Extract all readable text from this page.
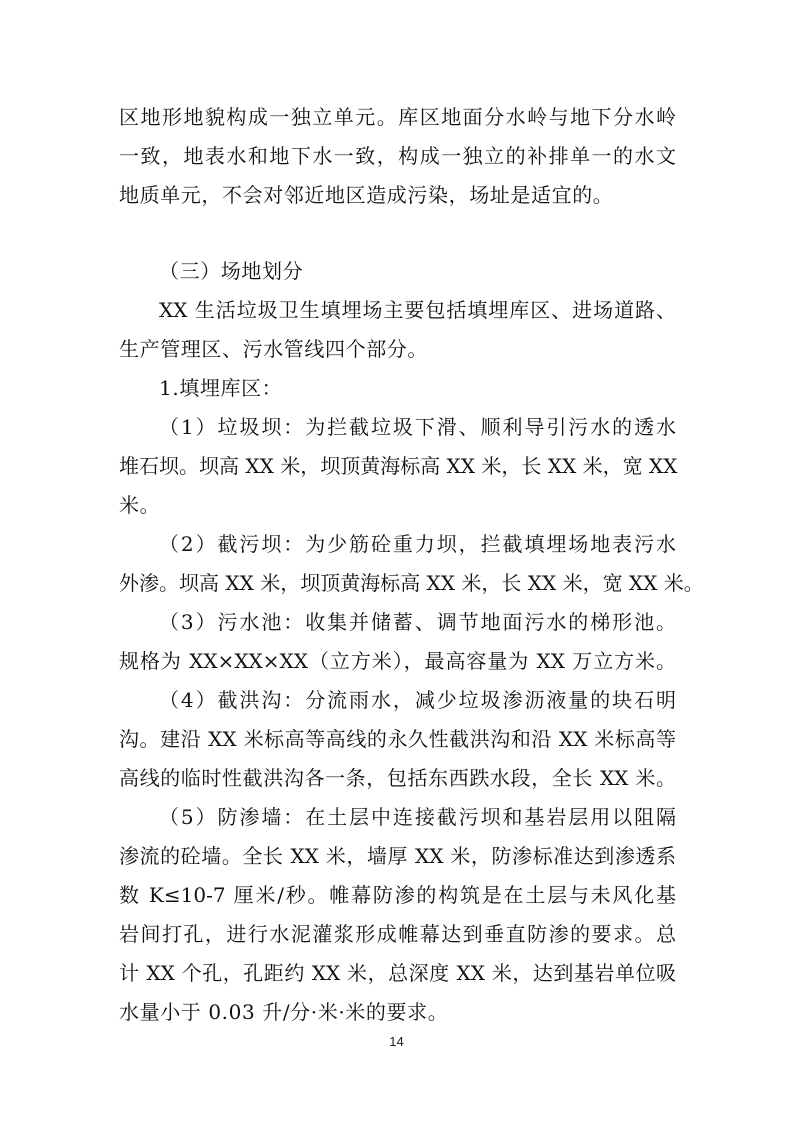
区地形地貌构成一独立单元。库区地面分水岭与地下分水岭
一致，地表水和地下水一致，构成一独立的补排单一的水文
地质单元，不会对邻近地区造成污染，场址是适宜的。
（三）场地划分
XX 生活垃圾卫生填埋场主要包括填埋库区、进场道路、
生产管理区、污水管线四个部分。
1.填埋库区：
（1）垃圾坝：为拦截垃圾下滑、顺利导引污水的透水
堆石坝。坝高 XX 米，坝顶黄海标高 XX 米，长 XX 米，宽 XX
米。
（2）截污坝：为少筋砼重力坝，拦截填埋场地表污水
外渗。坝高 XX 米，坝顶黄海标高 XX 米，长 XX 米，宽 XX 米。
（3）污水池：收集并储蓄、调节地面污水的梯形池。
规格为 XX×XX×XX（立方米），最高容量为 XX 万立方米。
（4）截洪沟：分流雨水，减少垃圾渗沥液量的块石明
沟。建沿 XX 米标高等高线的永久性截洪沟和沿 XX 米标高等
高线的临时性截洪沟各一条，包括东西跌水段，全长 XX 米。
（5）防渗墙：在土层中连接截污坝和基岩层用以阻隔
渗流的砼墙。全长 XX 米，墙厚 XX 米，防渗标准达到渗透系
数 K≤10-7 厘米/秒。帷幕防渗的构筑是在土层与未风化基
岩间打孔，进行水泥灌浆形成帷幕达到垂直防渗的要求。总
计 XX 个孔，孔距约 XX 米，总深度 XX 米，达到基岩单位吸
水量小于 0.03 升/分·米·米的要求。
14
